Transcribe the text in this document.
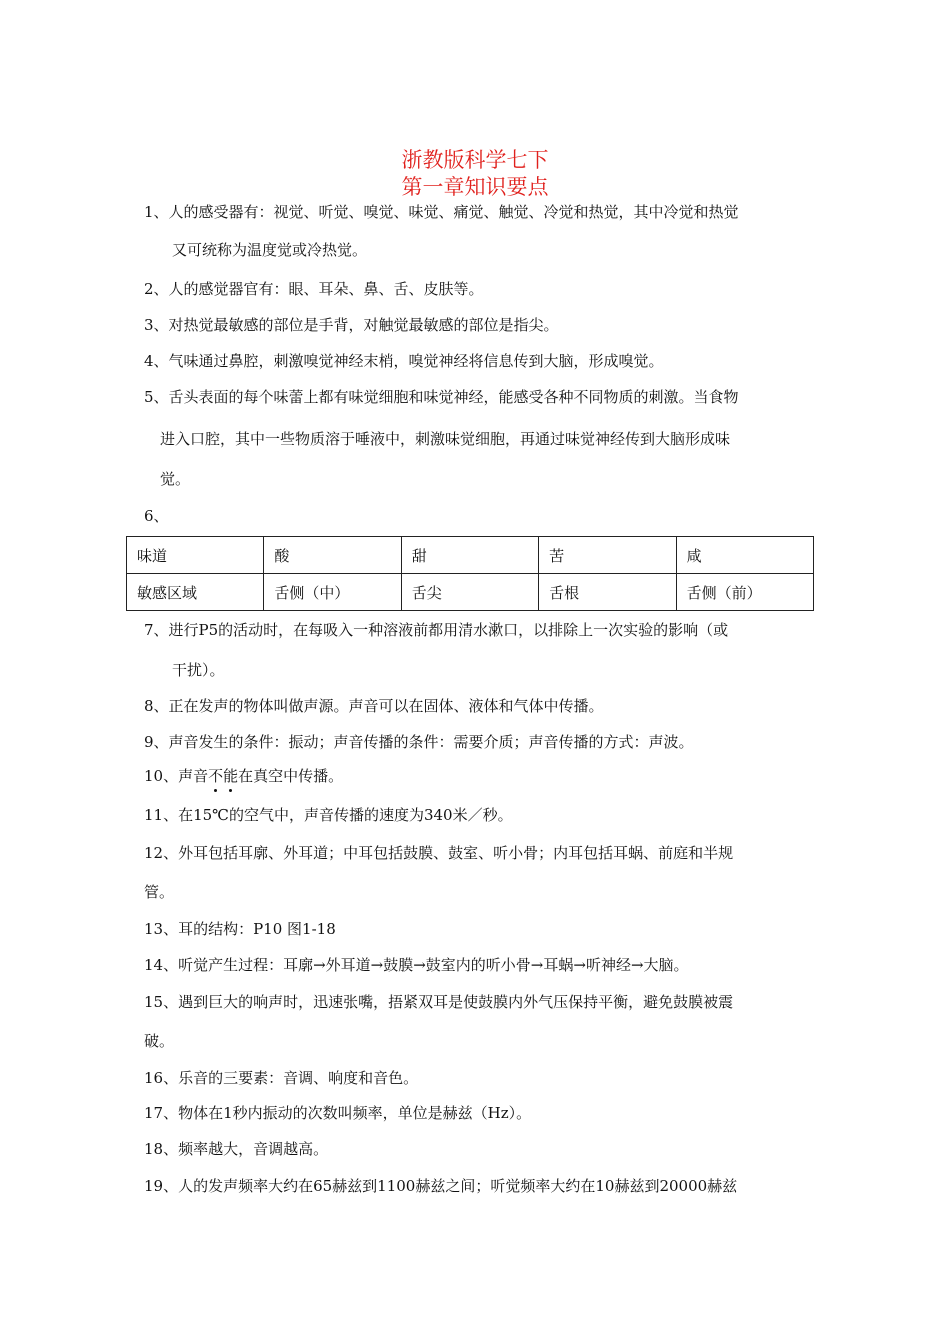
浙教版科学七下
第一章知识要点
1、人的感受器有：视觉、听觉、嗅觉、味觉、痛觉、触觉、冷觉和热觉，其中冷觉和热觉
又可统称为温度觉或冷热觉。
2、人的感觉器官有：眼、耳朵、鼻、舌、皮肤等。
3、对热觉最敏感的部位是手背，对触觉最敏感的部位是指尖。
4、气味通过鼻腔，刺激嗅觉神经末梢，嗅觉神经将信息传到大脑，形成嗅觉。
5、舌头表面的每个味蕾上都有味觉细胞和味觉神经，能感受各种不同物质的刺激。当食物
进入口腔，其中一些物质溶于唾液中，刺激味觉细胞，再通过味觉神经传到大脑形成味
觉。
6、
味道	酸	甜	苦	咸
敏感区域	舌侧（中）	舌尖	舌根	舌侧（前）
7、进行P5的活动时，在每吸入一种溶液前都用清水漱口，以排除上一次实验的影响（或
干扰）。
8、正在发声的物体叫做声源。声音可以在固体、液体和气体中传播。
9、声音发生的条件：振动；声音传播的条件：需要介质；声音传播的方式：声波。
10、声音不能在真空中传播。
11、在15℃的空气中，声音传播的速度为340米／秒。
12、外耳包括耳廓、外耳道；中耳包括鼓膜、鼓室、听小骨；内耳包括耳蜗、前庭和半规
管。
13、耳的结构：P10 图1-18
14、听觉产生过程：耳廓→外耳道→鼓膜→鼓室内的听小骨→耳蜗→听神经→大脑。
15、遇到巨大的响声时，迅速张嘴，捂紧双耳是使鼓膜内外气压保持平衡，避免鼓膜被震
破。
16、乐音的三要素：音调、响度和音色。
17、物体在1秒内振动的次数叫频率，单位是赫兹（Hz）。
18、频率越大，音调越高。
19、人的发声频率大约在65赫兹到1100赫兹之间；听觉频率大约在10赫兹到20000赫兹
